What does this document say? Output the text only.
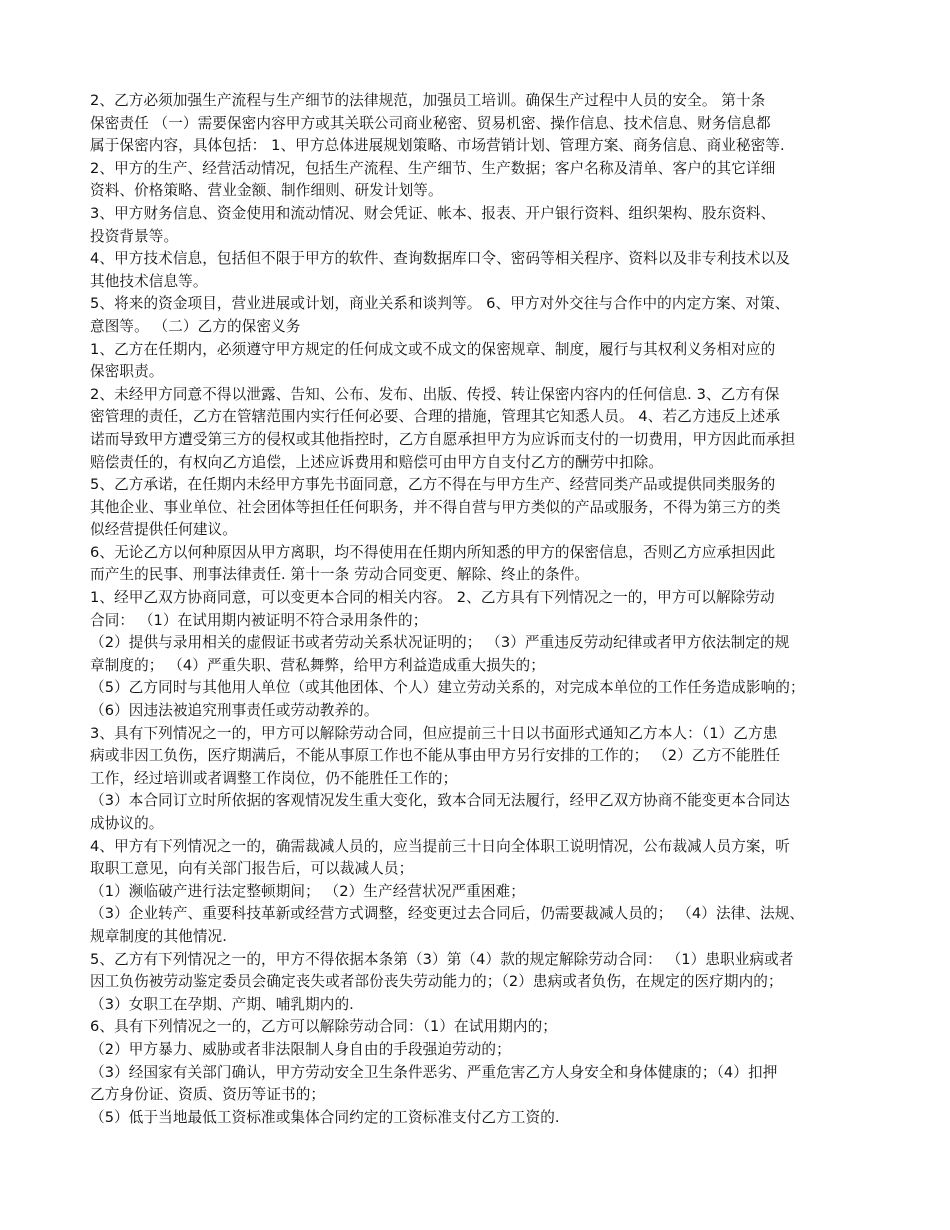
2、乙方必须加强生产流程与生产细节的法律规范，加强员工培训。确保生产过程中人员的安全。 第十条

保密责任 （一）需要保密内容甲方或其关联公司商业秘密、贸易机密、操作信息、技术信息、财务信息都

属于保密内容，具体包括： 1、甲方总体进展规划策略、市场营销计划、管理方案、商务信息、商业秘密等.

2、甲方的生产、经营活动情况，包括生产流程、生产细节、生产数据；客户名称及清单、客户的其它详细

资料、价格策略、营业金额、制作细则、研发计划等。

3、甲方财务信息、资金使用和流动情况、财会凭证、帐本、报表、开户银行资料、组织架构、股东资料、

投资背景等。

4、甲方技术信息，包括但不限于甲方的软件、查询数据库口令、密码等相关程序、资料以及非专利技术以及

其他技术信息等。

5、将来的资金项目，营业进展或计划，商业关系和谈判等。 6、甲方对外交往与合作中的内定方案、对策、

意图等。 （二）乙方的保密义务

1、乙方在任期内，必须遵守甲方规定的任何成文或不成文的保密规章、制度，履行与其权利义务相对应的

保密职责。

2、未经甲方同意不得以泄露、告知、公布、发布、出版、传授、转让保密内容内的任何信息. 3、乙方有保

密管理的责任，乙方在管辖范围内实行任何必要、合理的措施，管理其它知悉人员。 4、若乙方违反上述承

诺而导致甲方遭受第三方的侵权或其他指控时，乙方自愿承担甲方为应诉而支付的一切费用，甲方因此而承担

赔偿责任的，有权向乙方追偿，上述应诉费用和赔偿可由甲方自支付乙方的酬劳中扣除。

5、乙方承诺，在任期内未经甲方事先书面同意，乙方不得在与甲方生产、经营同类产品或提供同类服务的

其他企业、事业单位、社会团体等担任任何职务，并不得自营与甲方类似的产品或服务，不得为第三方的类

似经营提供任何建议。

6、无论乙方以何种原因从甲方离职，均不得使用在任期内所知悉的甲方的保密信息，否则乙方应承担因此

而产生的民事、刑事法律责任. 第十一条 劳动合同变更、解除、终止的条件。

1、经甲乙双方协商同意，可以变更本合同的相关内容。 2、乙方具有下列情况之一的，甲方可以解除劳动

合同： （1）在试用期内被证明不符合录用条件的；

（2）提供与录用相关的虚假证书或者劳动关系状况证明的； （3）严重违反劳动纪律或者甲方依法制定的规

章制度的； （4）严重失职、营私舞弊，给甲方利益造成重大损失的；

（5）乙方同时与其他用人单位（或其他团体、个人）建立劳动关系的，对完成本单位的工作任务造成影响的；

（6）因违法被追究刑事责任或劳动教养的。

3、具有下列情况之一的，甲方可以解除劳动合同，但应提前三十日以书面形式通知乙方本人：（1）乙方患

病或非因工负伤，医疗期满后，不能从事原工作也不能从事由甲方另行安排的工作的； （2）乙方不能胜任

工作，经过培训或者调整工作岗位，仍不能胜任工作的；

（3）本合同订立时所依据的客观情况发生重大变化，致本合同无法履行，经甲乙双方协商不能变更本合同达

成协议的。

4、甲方有下列情况之一的，确需裁减人员的，应当提前三十日向全体职工说明情况，公布裁减人员方案，听

取职工意见，向有关部门报告后，可以裁减人员；

（1）濒临破产进行法定整顿期间； （2）生产经营状况严重困难；

（3）企业转产、重要科技革新或经营方式调整，经变更过去合同后，仍需要裁减人员的； （4）法律、法规、

规章制度的其他情况.

5、乙方有下列情况之一的，甲方不得依据本条第（3）第（4）款的规定解除劳动合同： （1）患职业病或者

因工负伤被劳动鉴定委员会确定丧失或者部份丧失劳动能力的；（2）患病或者负伤，在规定的医疗期内的；

（3）女职工在孕期、产期、哺乳期内的.

6、具有下列情况之一的，乙方可以解除劳动合同：（1）在试用期内的；

（2）甲方暴力、威胁或者非法限制人身自由的手段强迫劳动的；

（3）经国家有关部门确认，甲方劳动安全卫生条件恶劣、严重危害乙方人身安全和身体健康的；（4）扣押

乙方身份证、资质、资历等证书的；

（5）低于当地最低工资标准或集体合同约定的工资标准支付乙方工资的.
